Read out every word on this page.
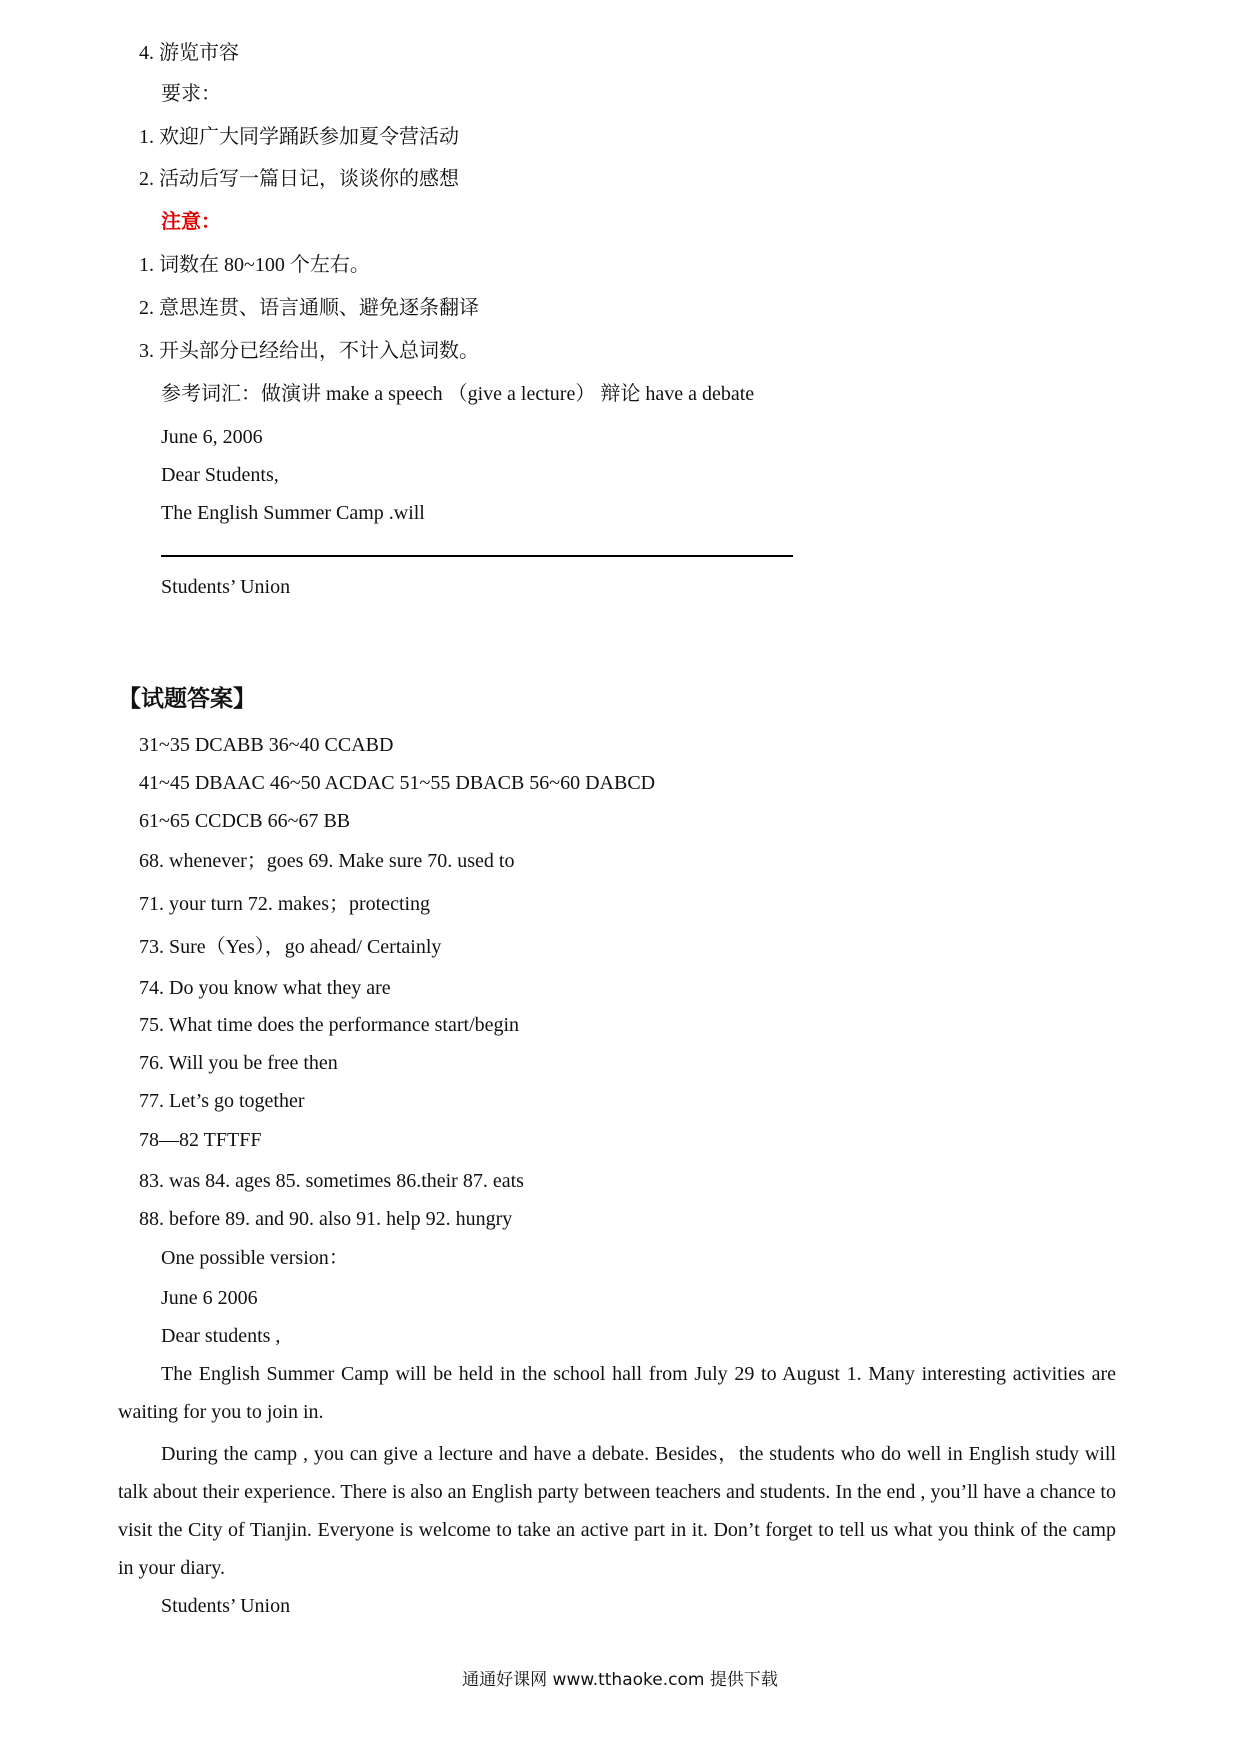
4. 游览市容
要求：
1. 欢迎广大同学踊跃参加夏令营活动
2. 活动后写一篇日记，谈谈你的感想
注意：
1. 词数在 80~100 个左右。
2. 意思连贯、语言通顺、避免逐条翻译
3. 开头部分已经给出，不计入总词数。
参考词汇：做演讲 make a speech （give a lecture） 辩论 have a debate
June 6, 2006
Dear Students,
The English Summer Camp .will
Students’ Union
【试题答案】
31~35 DCABB 36~40 CCABD
41~45 DBAAC 46~50 ACDAC 51~55 DBACB 56~60 DABCD
61~65 CCDCB 66~67 BB
68. whenever；goes 69. Make sure 70. used to
71. your turn 72. makes；protecting
73. Sure（Yes），go ahead/ Certainly
74. Do you know what they are
75. What time does the performance start/begin
76. Will you be free then
77. Let’s go together
78—82 TFTFF
83. was 84. ages 85. sometimes 86.their 87. eats
88. before 89. and 90. also 91. help 92. hungry
One possible version：
June 6 2006
Dear students ,
The English Summer Camp will be held in the school hall from July 29 to August 1. Many interesting activities are waiting for you to join in.
During the camp , you can give a lecture and have a debate. Besides，the students who do well in English study will talk about their experience. There is also an English party between teachers and students. In the end , you’ll have a chance to visit the City of Tianjin. Everyone is welcome to take an active part in it. Don’t forget to tell us what you think of the camp in your diary.
Students’ Union
通通好课网 www.tthaoke.com 提供下载
